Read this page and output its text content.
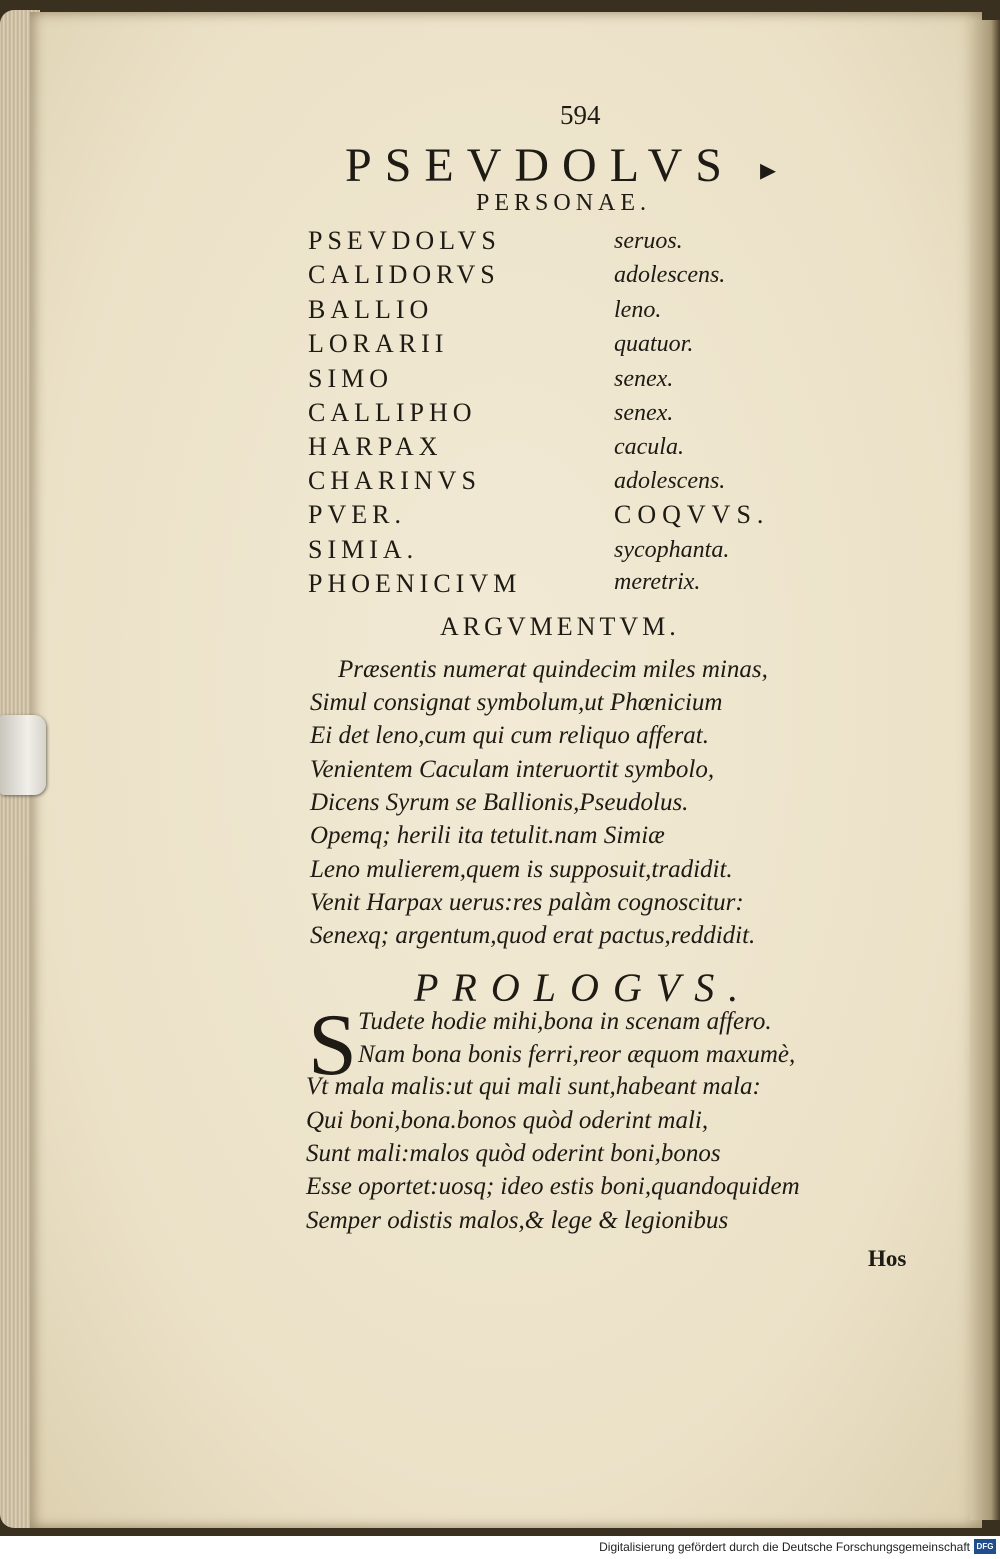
594
PSEVDOLVS ▸
PERSONAE.
PSEVDOLVS	seruos.
CALIDORVS	adolescens.
BALLIO	leno.
LORARII	quatuor.
SIMO	senex.
CALLIPHO	senex.
HARPAX	cacula.
CHARINVS	adolescens.
PVER.	COQVVS.
SIMIA.	sycophanta.
PHOENICIVM	meretrix.
ARGVMENTVM.
Præsentis numerat quindecim miles minas,
Simul consignat symbolum,ut Phœnicium
Ei det leno,cum qui cum reliquo afferat.
Venientem Caculam interuortit symbolo,
Dicens Syrum se Ballionis,Pseudolus.
Opemq; herili ita tetulit.nam Simiæ
Leno mulierem,quem is supposuit,tradidit.
Venit Harpax uerus:res palàm cognoscitur:
Senexq; argentum,quod erat pactus,reddidit.
PROLOGVS.
S Tudete hodie mihi,bona in scenam affero.
Nam bona bonis ferri,reor æquom maxumè,
Vt mala malis:ut qui mali sunt,habeant mala:
Qui boni,bona.bonos quòd oderint mali,
Sunt mali:malos quòd oderint boni,bonos
Esse oportet:uosq; ideo estis boni,quandoquidem
Semper odistis malos,& lege & legionibus
Hos
Digitalisierung gefördert durch die Deutsche Forschungsgemeinschaft DFG
